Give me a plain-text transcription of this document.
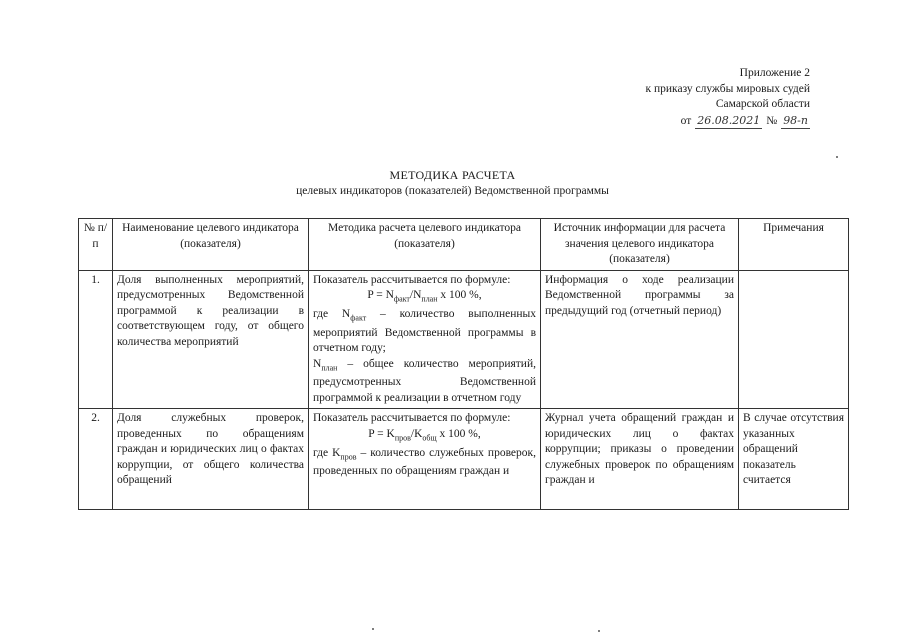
Приложение 2
к приказу службы мировых судей
Самарской области
от 26.08.2021 № 98-п
МЕТОДИКА РАСЧЕТА
целевых индикаторов (показателей) Ведомственной программы
№ п/п	Наименование целевого индикатора (показателя)	Методика расчета целевого индикатора (показателя)	Источник информации для расчета значения целевого индикатора (показателя)	Примечания
1.	Доля выполненных мероприятий, предусмотренных Ведомственной программой к реализации в соответствующем году, от общего количества мероприятий	Показатель рассчитывается по формуле:
$P = N_{факт}/N_{план}$ x 100 %,
где $N_{факт}$ – количество выполненных мероприятий Ведомственной программы в отчетном году;
$N_{план}$ – общее количество мероприятий, предусмотренных Ведомственной программой к реализации в отчетном году	Информация о ходе реализации Ведомственной программы за предыдущий год (отчетный период)	
2.	Доля служебных проверок, проведенных по обращениям граждан и юридических лиц о фактах коррупции, от общего количества обращений	Показатель рассчитывается по формуле:
$P = K_{пров}/K_{общ}$ x 100 %,
где $K_{пров}$ – количество служебных проверок, проведенных по обращениям граждан и	Журнал учета обращений граждан и юридических лиц о фактах коррупции; приказы о проведении служебных проверок по обращениям граждан и	В случае отсутствия указанных обращений показатель считается
